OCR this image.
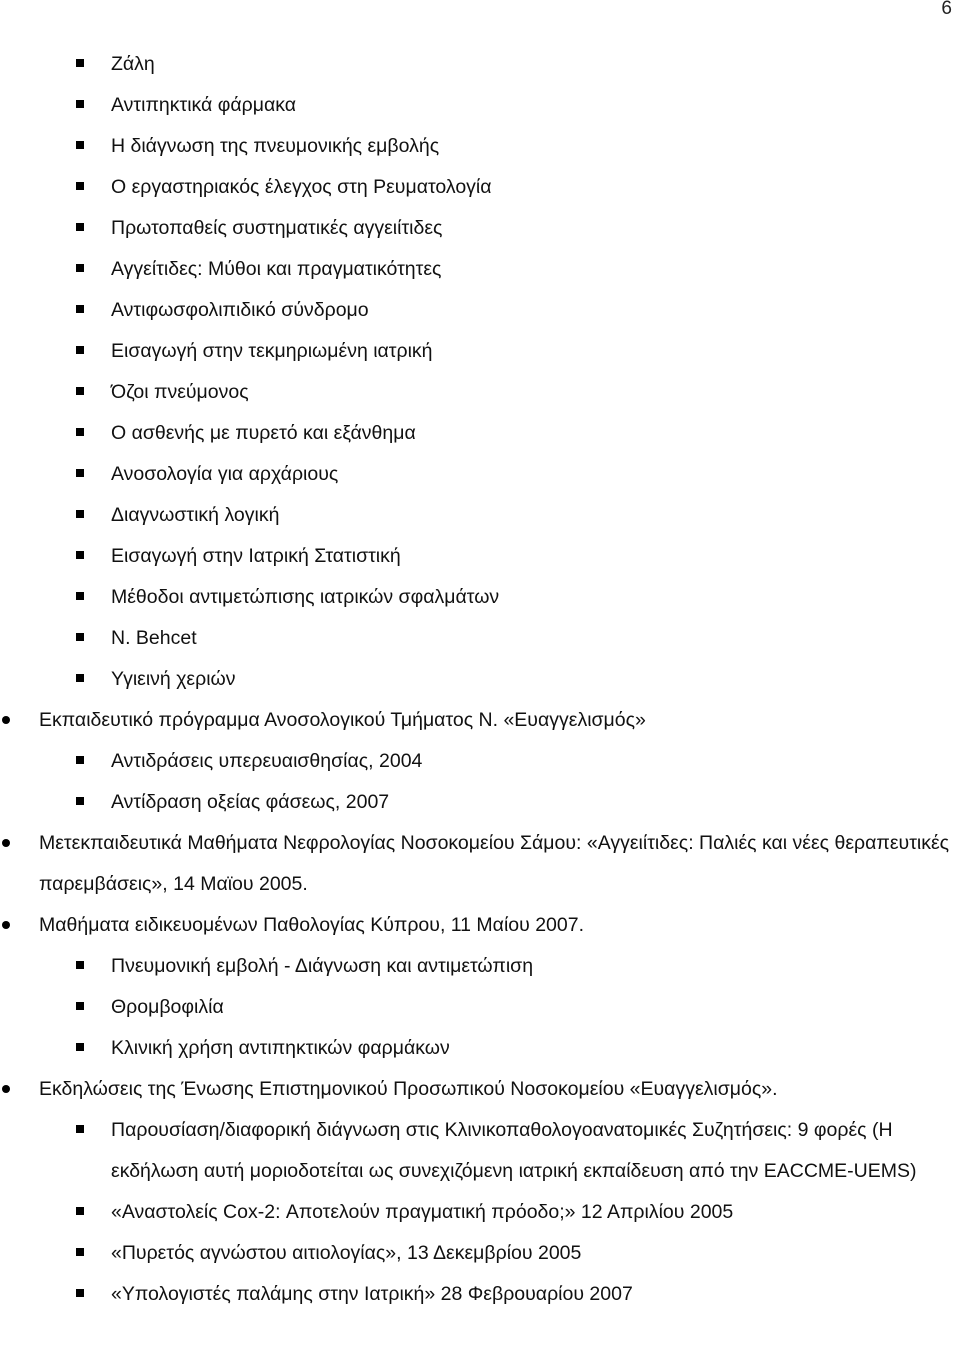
6
Ζάλη
Αντιπηκτικά φάρμακα
Η διάγνωση της πνευμονικής εμβολής
Ο εργαστηριακός έλεγχος στη Ρευματολογία
Πρωτοπαθείς συστηματικές αγγειίτιδες
Αγγείτιδες: Μύθοι και πραγματικότητες
Αντιφωσφολιπιδικό σύνδρομο
Εισαγωγή στην τεκμηριωμένη ιατρική
Όζοι πνεύμονος
Ο ασθενής με πυρετό και εξάνθημα
Ανοσολογία για αρχάριους
Διαγνωστική λογική
Εισαγωγή στην Ιατρική Στατιστική
Μέθοδοι αντιμετώπισης ιατρικών σφαλμάτων
N. Behcet
Υγιεινή χεριών
Εκπαιδευτικό πρόγραμμα Ανοσολογικού Τμήματος Ν. «Ευαγγελισμός»
Αντιδράσεις υπερευαισθησίας, 2004
Αντίδραση οξείας φάσεως, 2007
Μετεκπαιδευτικά Μαθήματα Νεφρολογίας Νοσοκομείου Σάμου: «Αγγειίτιδες: Παλιές και νέες θεραπευτικές παρεμβάσεις», 14 Μαϊου 2005.
Μαθήματα ειδικευομένων Παθολογίας Κύπρου, 11 Μαίου 2007.
Πνευμονική εμβολή - Διάγνωση και αντιμετώπιση
Θρομβοφιλία
Κλινική χρήση αντιπηκτικών φαρμάκων
Εκδηλώσεις της Ένωσης Επιστημονικού Προσωπικού Νοσοκομείου «Ευαγγελισμός».
Παρουσίαση/διαφορική διάγνωση στις Κλινικοπαθολογοανατομικές Συζητήσεις: 9 φορές (Η εκδήλωση αυτή μοριοδοτείται ως συνεχιζόμενη ιατρική εκπαίδευση από την EACCME-UEMS)
«Αναστολείς Cox-2: Αποτελούν πραγματική πρόοδο;» 12 Απριλίου 2005
«Πυρετός αγνώστου αιτιολογίας», 13 Δεκεμβρίου 2005
«Υπολογιστές παλάμης στην Ιατρική» 28 Φεβρουαρίου 2007
